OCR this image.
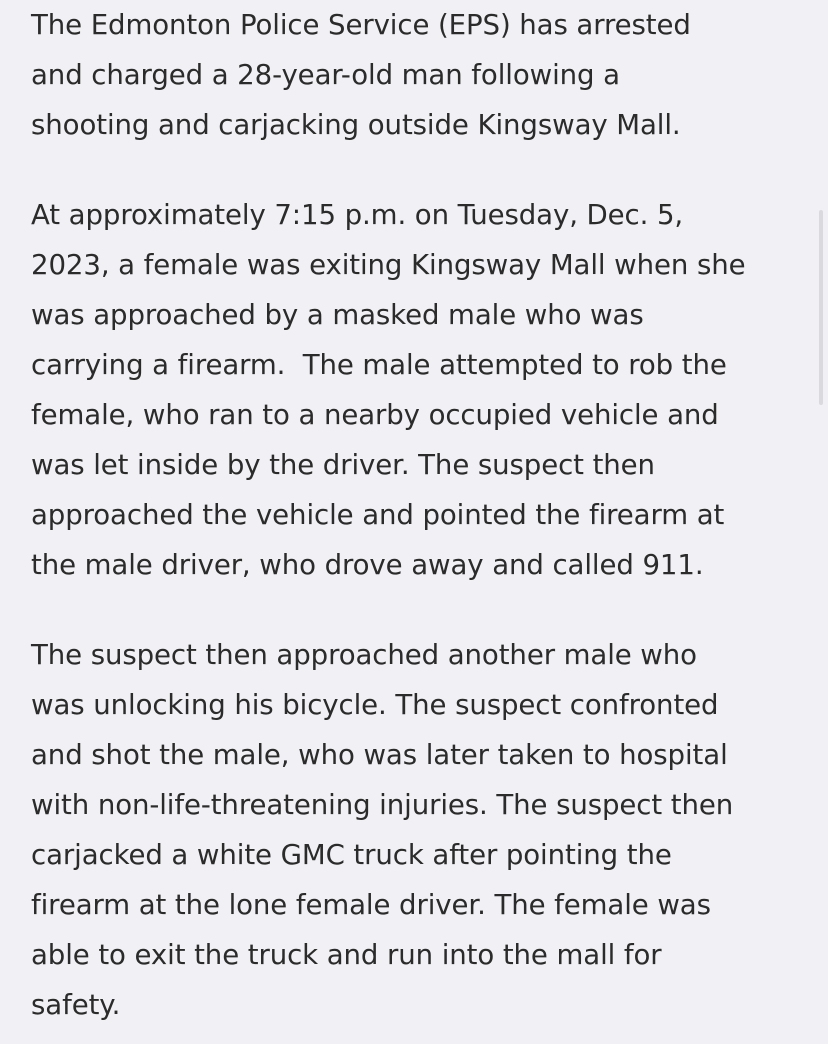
The Edmonton Police Service (EPS) has arrested
and charged a 28-year-old man following a
shooting and carjacking outside Kingsway Mall.

At approximately 7:15 p.m. on Tuesday, Dec. 5,
2023, a female was exiting Kingsway Mall when she
was approached by a masked male who was
carrying a firearm.  The male attempted to rob the
female, who ran to a nearby occupied vehicle and
was let inside by the driver. The suspect then
approached the vehicle and pointed the firearm at
the male driver, who drove away and called 911.

The suspect then approached another male who
was unlocking his bicycle. The suspect confronted
and shot the male, who was later taken to hospital
with non-life-threatening injuries. The suspect then
carjacked a white GMC truck after pointing the
firearm at the lone female driver. The female was
able to exit the truck and run into the mall for
safety.
